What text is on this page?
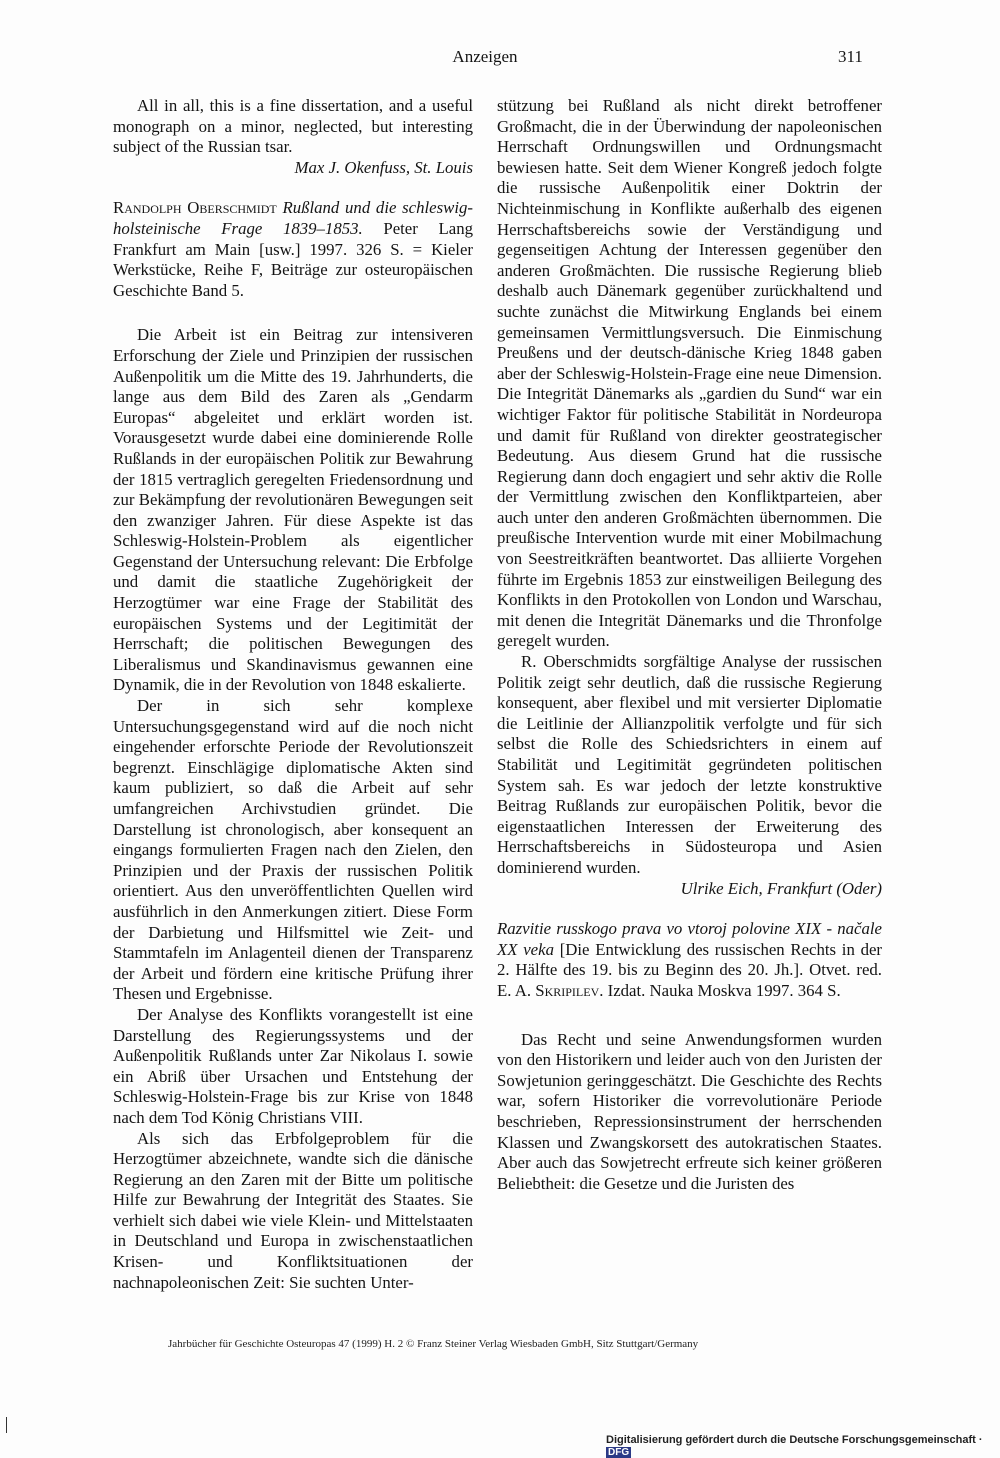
Anzeigen	311

All in all, this is a fine dissertation, and a useful monograph on a minor, neglected, but interesting subject of the Russian tsar.

Max J. Okenfuss, St. Louis

Randolph Oberschmidt Rußland und die schleswig-holsteinische Frage 1839–1853. Peter Lang Frankfurt am Main [usw.] 1997. 326 S. = Kieler Werkstücke, Reihe F, Beiträge zur osteuropäischen Geschichte Band 5.

Die Arbeit ist ein Beitrag zur intensiveren Erforschung der Ziele und Prinzipien der russischen Außenpolitik um die Mitte des 19. Jahrhunderts, die lange aus dem Bild des Zaren als „Gendarm Europas“ abgeleitet und erklärt worden ist. Vorausgesetzt wurde dabei eine dominierende Rolle Rußlands in der europäischen Politik zur Bewahrung der 1815 vertraglich geregelten Friedensordnung und zur Bekämpfung der revolutionären Bewegungen seit den zwanziger Jahren. Für diese Aspekte ist das Schleswig-Holstein-Problem als eigentlicher Gegenstand der Untersuchung relevant: Die Erbfolge und damit die staatliche Zugehörigkeit der Herzogtümer war eine Frage der Stabilität des europäischen Systems und der Legitimität der Herrschaft; die politischen Bewegungen des Liberalismus und Skandinavismus gewannen eine Dynamik, die in der Revolution von 1848 eskalierte.

Der in sich sehr komplexe Untersuchungsgegenstand wird auf die noch nicht eingehender erforschte Periode der Revolutionszeit begrenzt. Einschlägige diplomatische Akten sind kaum publiziert, so daß die Arbeit auf sehr umfangreichen Archivstudien gründet. Die Darstellung ist chronologisch, aber konsequent an eingangs formulierten Fragen nach den Zielen, den Prinzipien und der Praxis der russischen Politik orientiert. Aus den unveröffentlichten Quellen wird ausführlich in den Anmerkungen zitiert. Diese Form der Darbietung und Hilfsmittel wie Zeit- und Stammtafeln im Anlagenteil dienen der Transparenz der Arbeit und fördern eine kritische Prüfung ihrer Thesen und Ergebnisse.

Der Analyse des Konflikts vorangestellt ist eine Darstellung des Regierungssystems und der Außenpolitik Rußlands unter Zar Nikolaus I. sowie ein Abriß über Ursachen und Entstehung der Schleswig-Holstein-Frage bis zur Krise von 1848 nach dem Tod König Christians VIII.

Als sich das Erbfolgeproblem für die Herzogtümer abzeichnete, wandte sich die dänische Regierung an den Zaren mit der Bitte um politische Hilfe zur Bewahrung der Integrität des Staates. Sie verhielt sich dabei wie viele Klein- und Mittelstaaten in Deutschland und Europa in zwischenstaatlichen Krisen- und Konfliktsituationen der nachnapoleonischen Zeit: Sie suchten Unter-

stützung bei Rußland als nicht direkt betroffener Großmacht, die in der Überwindung der napoleonischen Herrschaft Ordnungswillen und Ordnungsmacht bewiesen hatte. Seit dem Wiener Kongreß jedoch folgte die russische Außenpolitik einer Doktrin der Nichteinmischung in Konflikte außerhalb des eigenen Herrschaftsbereichs sowie der Verständigung und gegenseitigen Achtung der Interessen gegenüber den anderen Großmächten. Die russische Regierung blieb deshalb auch Dänemark gegenüber zurückhaltend und suchte zunächst die Mitwirkung Englands bei einem gemeinsamen Vermittlungsversuch. Die Einmischung Preußens und der deutsch-dänische Krieg 1848 gaben aber der Schleswig-Holstein-Frage eine neue Dimension. Die Integrität Dänemarks als „gardien du Sund“ war ein wichtiger Faktor für politische Stabilität in Nordeuropa und damit für Rußland von direkter geostrategischer Bedeutung. Aus diesem Grund hat die russische Regierung dann doch engagiert und sehr aktiv die Rolle der Vermittlung zwischen den Konfliktparteien, aber auch unter den anderen Großmächten übernommen. Die preußische Intervention wurde mit einer Mobilmachung von Seestreitkräften beantwortet. Das alliierte Vorgehen führte im Ergebnis 1853 zur einstweiligen Beilegung des Konflikts in den Protokollen von London und Warschau, mit denen die Integrität Dänemarks und die Thronfolge geregelt wurden.

R. Oberschmidts sorgfältige Analyse der russischen Politik zeigt sehr deutlich, daß die russische Regierung konsequent, aber flexibel und mit versierter Diplomatie die Leitlinie der Allianzpolitik verfolgte und für sich selbst die Rolle des Schiedsrichters in einem auf Stabilität und Legitimität gegründeten politischen System sah. Es war jedoch der letzte konstruktive Beitrag Rußlands zur europäischen Politik, bevor die eigenstaatlichen Interessen der Erweiterung des Herrschaftsbereichs in Südosteuropa und Asien dominierend wurden.

Ulrike Eich, Frankfurt (Oder)

Razvitie russkogo prava vo vtoroj polovine XIX - načale XX veka [Die Entwicklung des russischen Rechts in der 2. Hälfte des 19. bis zu Beginn des 20. Jh.]. Otvet. red. E. A. Skripilev. Izdat. Nauka Moskva 1997. 364 S.

Das Recht und seine Anwendungsformen wurden von den Historikern und leider auch von den Juristen der Sowjetunion geringgeschätzt. Die Geschichte des Rechts war, sofern Historiker die vorrevolutionäre Periode beschrieben, Repressionsinstrument der herrschenden Klassen und Zwangskorsett des autokratischen Staates. Aber auch das Sowjetrecht erfreute sich keiner größeren Beliebtheit: die Gesetze und die Juristen des

Jahrbücher für Geschichte Osteuropas 47 (1999) H. 2 © Franz Steiner Verlag Wiesbaden GmbH, Sitz Stuttgart/Germany
Digitalisierung gefördert durch die Deutsche Forschungsgemeinschaft · DFG
